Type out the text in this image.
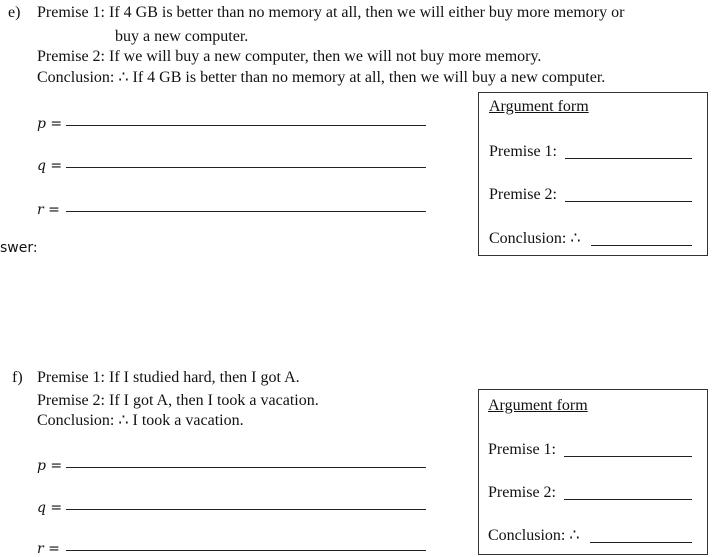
e) Premise 1: If 4 GB is better than no memory at all, then we will either buy more memory or
buy a new computer.
Premise 2: If we will buy a new computer, then we will not buy more memory.
Conclusion: ∴ If 4 GB is better than no memory at all, then we will buy a new computer.
p =
q =
r =
Argument form
Premise 1:
Premise 2:
Conclusion: ∴
swer:
f) Premise 1: If I studied hard, then I got A.
Premise 2: If I got A, then I took a vacation.
Conclusion: ∴ I took a vacation.
p =
q =
r =
Argument form
Premise 1:
Premise 2:
Conclusion: ∴
